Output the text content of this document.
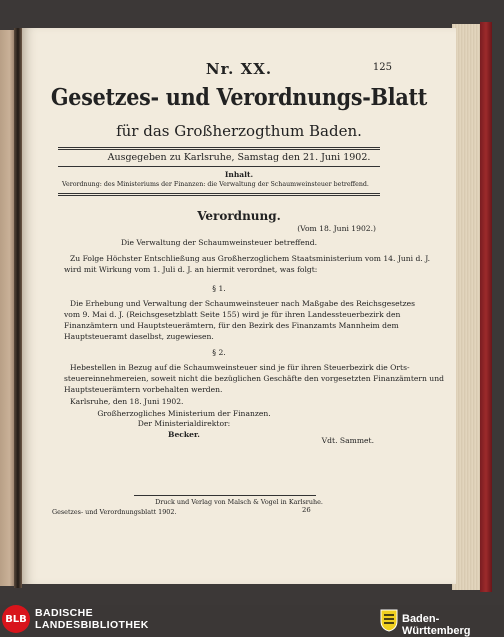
Nr. XX.	125
Gesetzes- und Verordnungs-Blatt
für das Großherzogthum Baden.
Ausgegeben zu Karlsruhe, Samstag den 21. Juni 1902.
Inhalt.
Verordnung: des Ministeriums der Finanzen: die Verwaltung der Schaumweinsteuer betreffend.
Verordnung.
(Vom 18. Juni 1902.)
Die Verwaltung der Schaumweinsteuer betreffend.
Zu Folge Höchster Entschließung aus Großherzoglichem Staatsministerium vom 14. Juni d. J.
wird mit Wirkung vom 1. Juli d. J. an hiermit verordnet, was folgt:
§ 1.
Die Erhebung und Verwaltung der Schaumweinsteuer nach Maßgabe des Reichsgesetzes
vom 9. Mai d. J. (Reichsgesetzblatt Seite 155) wird je für ihren Landessteuerbezirk den
Finanzämtern und Hauptsteuerämtern, für den Bezirk des Finanzamts Mannheim dem
Hauptsteueramt daselbst, zugewiesen.
§ 2.
Hebestellen in Bezug auf die Schaumweinsteuer sind je für ihren Steuerbezirk die Orts-
steuereinnehmereien, soweit nicht die bezüglichen Geschäfte den vorgesetzten Finanzämtern und
Hauptsteuerämtern vorbehalten werden.
Karlsruhe, den 18. Juni 1902.
Großherzogliches Ministerium der Finanzen.
Der Ministerialdirektor:
Becker.
Vdt. Sammet.
Druck und Verlag von Malsch & Vogel in Karlsruhe.
Gesetzes- und Verordnungsblatt 1902.	26
BLB BADISCHE
LANDESBIBLIOTHEK	Baden-Württemberg
